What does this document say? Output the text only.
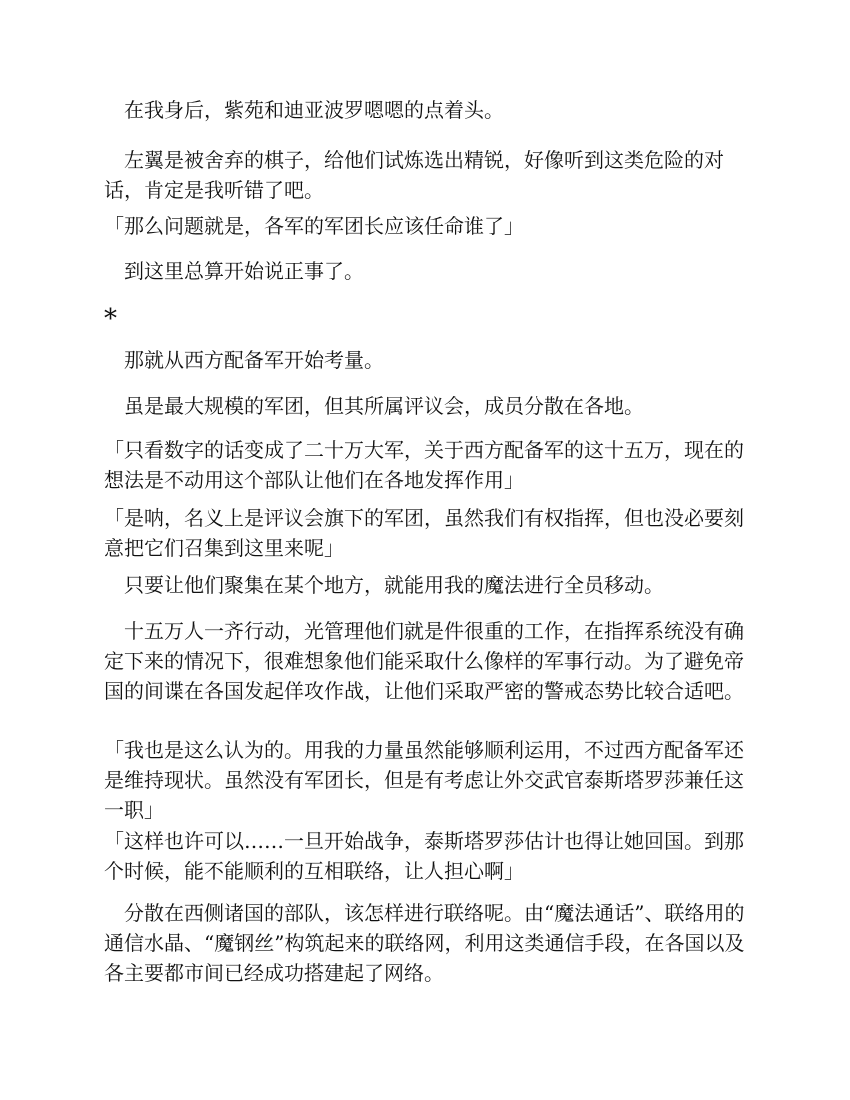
在我身后，紫苑和迪亚波罗嗯嗯的点着头。

左翼是被舍弃的棋子，给他们试炼选出精锐，好像听到这类危险的对话，肯定是我听错了吧。

「那么问题就是，各军的军团长应该任命谁了」

到这里总算开始说正事了。

*

那就从西方配备军开始考量。

虽是最大规模的军团，但其所属评议会，成员分散在各地。

「只看数字的话变成了二十万大军，关于西方配备军的这十五万，现在的想法是不动用这个部队让他们在各地发挥作用」

「是呐，名义上是评议会旗下的军团，虽然我们有权指挥，但也没必要刻意把它们召集到这里来呢」

只要让他们聚集在某个地方，就能用我的魔法进行全员移动。

十五万人一齐行动，光管理他们就是件很重的工作，在指挥系统没有确定下来的情况下，很难想象他们能采取什么像样的军事行动。为了避免帝国的间谍在各国发起佯攻作战，让他们采取严密的警戒态势比较合适吧。

「我也是这么认为的。用我的力量虽然能够顺利运用，不过西方配备军还是维持现状。虽然没有军团长，但是有考虑让外交武官泰斯塔罗莎兼任这一职」

「这样也许可以……一旦开始战争，泰斯塔罗莎估计也得让她回国。到那个时候，能不能顺利的互相联络，让人担心啊」

分散在西侧诸国的部队，该怎样进行联络呢。由“魔法通话”、联络用的通信水晶、“魔钢丝”构筑起来的联络网，利用这类通信手段，在各国以及各主要都市间已经成功搭建起了网络。
